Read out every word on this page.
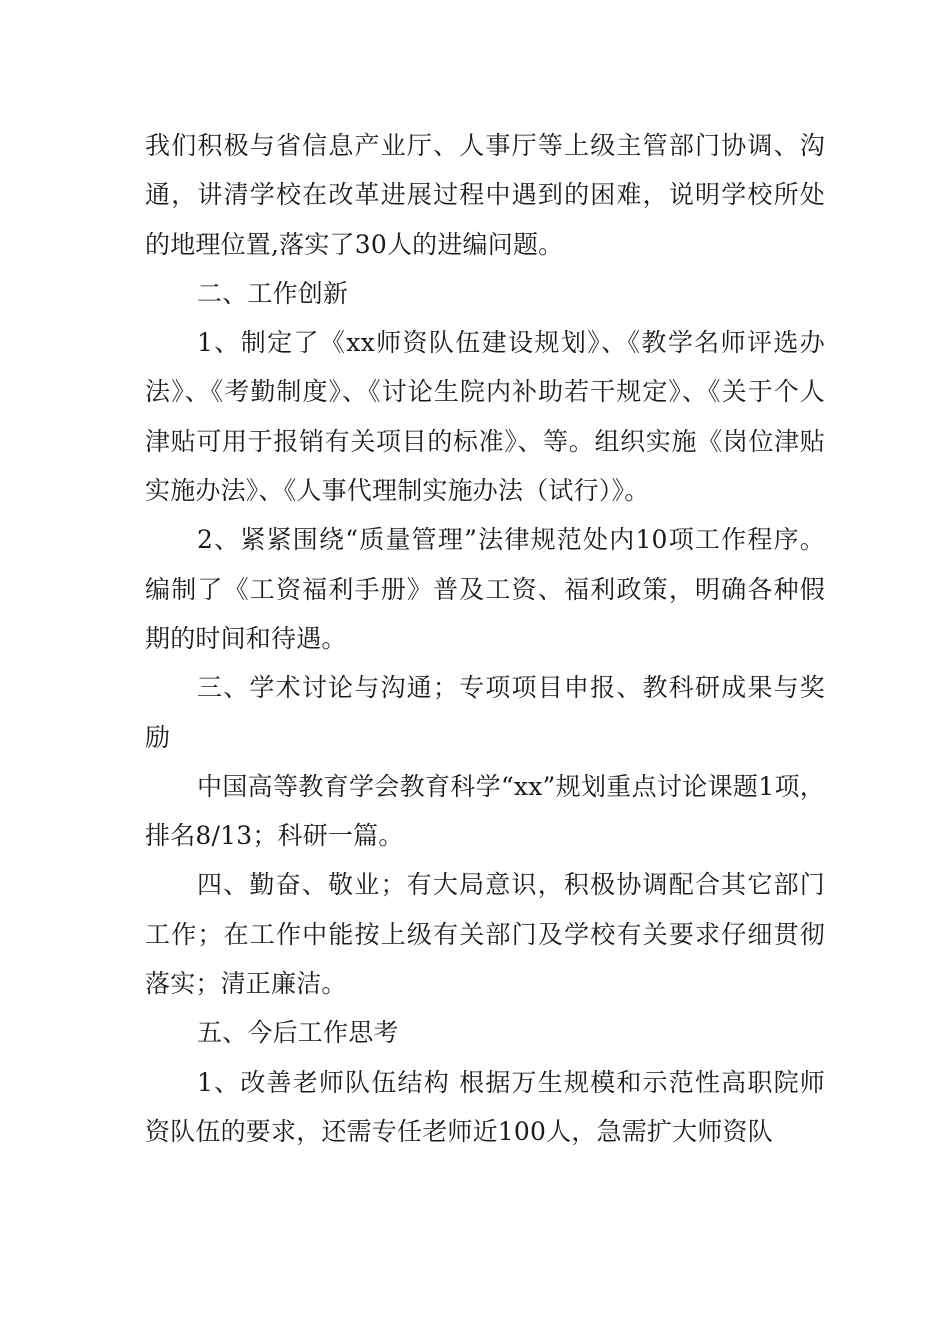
我们积极与省信息产业厅、人事厅等上级主管部门协调、沟通，讲清学校在改革进展过程中遇到的困难，说明学校所处的地理位置,落实了30人的进编问题。

二、工作创新

1、制定了《xx师资队伍建设规划》、《教学名师评选办法》、《考勤制度》、《讨论生院内补助若干规定》、《关于个人津贴可用于报销有关项目的标准》、等。组织实施《岗位津贴实施办法》、《人事代理制实施办法（试行）》。

2、紧紧围绕“质量管理”法律规范处内10项工作程序。编制了《工资福利手册》普及工资、福利政策，明确各种假期的时间和待遇。

三、学术讨论与沟通；专项项目申报、教科研成果与奖励

中国高等教育学会教育科学“xx”规划重点讨论课题1项，排名8/13；科研一篇。

四、勤奋、敬业；有大局意识，积极协调配合其它部门工作；在工作中能按上级有关部门及学校有关要求仔细贯彻落实；清正廉洁。

五、今后工作思考

1、改善老师队伍结构 根据万生规模和示范性高职院师资队伍的要求，还需专任老师近100人，急需扩大师资队
